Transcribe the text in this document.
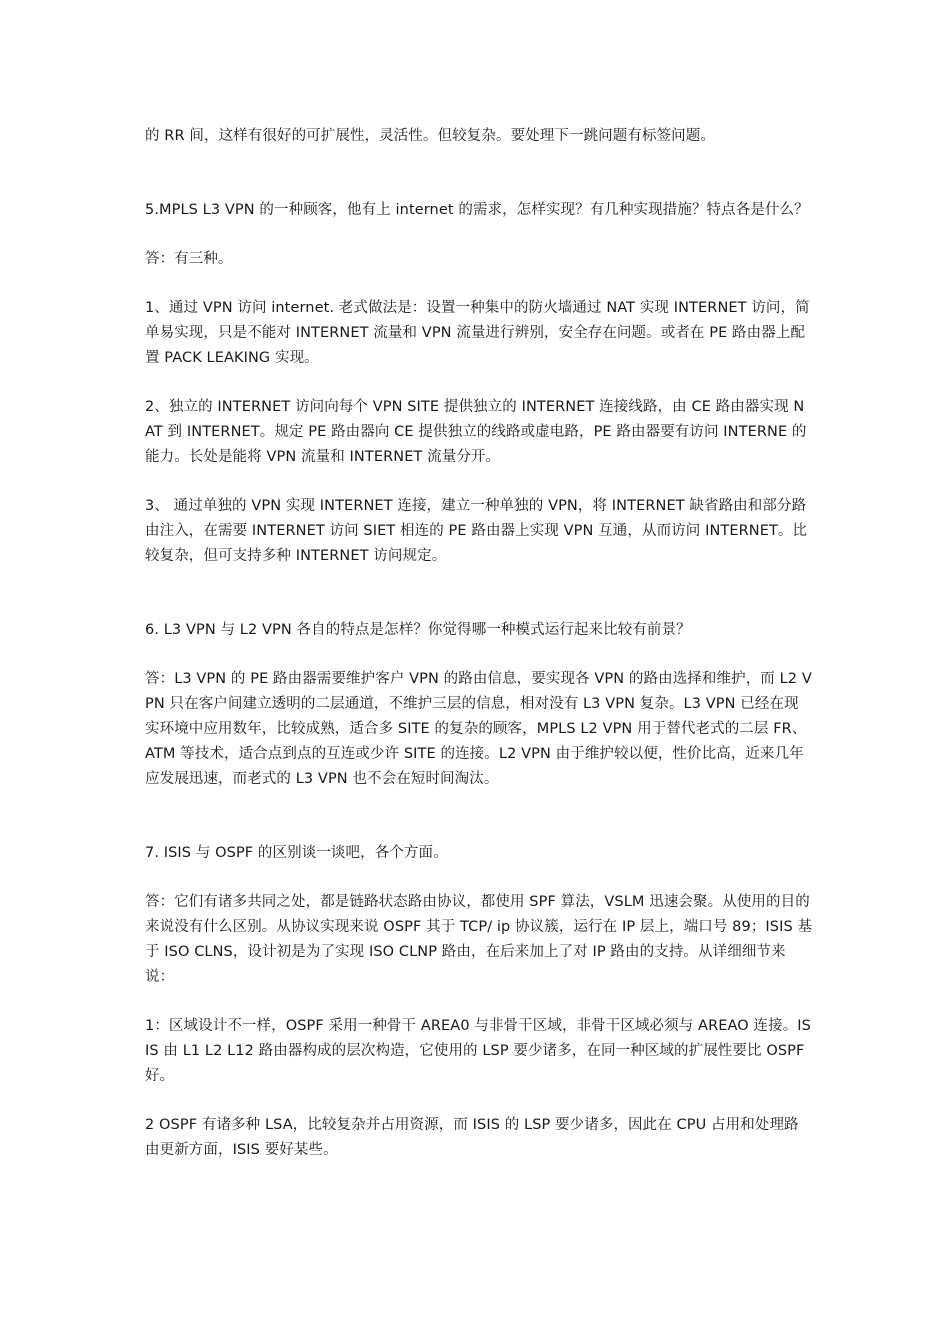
的 RR 间，这样有很好的可扩展性，灵活性。但较复杂。要处理下一跳问题有标签问题。

5.MPLS L3 VPN 的一种顾客，他有上 internet 的需求，怎样实现？有几种实现措施？特点各是什么？

答：有三种。

1、通过 VPN 访问 internet. 老式做法是：设置一种集中的防火墙通过 NAT 实现 INTERNET 访问，简单易实现，只是不能对 INTERNET 流量和 VPN 流量进行辨别，安全存在问题。或者在 PE 路由器上配置 PACK LEAKING 实现。

2、独立的 INTERNET 访问向每个 VPN SITE 提供独立的 INTERNET 连接线路，由 CE 路由器实现 NAT 到 INTERNET。规定 PE 路由器向 CE 提供独立的线路或虚电路，PE 路由器要有访问 INTERNE 的能力。长处是能将 VPN 流量和 INTERNET 流量分开。

3、 通过单独的 VPN 实现 INTERNET 连接，建立一种单独的 VPN，将 INTERNET 缺省路由和部分路由注入，在需要 INTERNET 访问 SIET 相连的 PE 路由器上实现 VPN 互通，从而访问 INTERNET。比较复杂，但可支持多种 INTERNET 访问规定。

6. L3 VPN 与 L2 VPN 各自的特点是怎样？你觉得哪一种模式运行起来比较有前景？

答：L3 VPN 的 PE 路由器需要维护客户 VPN 的路由信息，要实现各 VPN 的路由选择和维护，而 L2 VPN 只在客户间建立透明的二层通道，不维护三层的信息，相对没有 L3 VPN 复杂。L3 VPN 已经在现实环境中应用数年，比较成熟，适合多 SITE 的复杂的顾客，MPLS L2 VPN 用于替代老式的二层 FR、ATM 等技术，适合点到点的互连或少许 SITE 的连接。L2 VPN 由于维护较以便，性价比高，近来几年应发展迅速，而老式的 L3 VPN 也不会在短时间淘汰。

7. ISIS 与 OSPF 的区别谈一谈吧，各个方面。

答：它们有诸多共同之处，都是链路状态路由协议，都使用 SPF 算法，VSLM 迅速会聚。从使用的目的来说没有什么区别。从协议实现来说 OSPF 其于 TCP/ ip 协议簇，运行在 IP 层上，端口号 89；ISIS 基于 ISO CLNS，设计初是为了实现 ISO CLNP 路由，在后来加上了对 IP 路由的支持。从详细细节来说：

1：区域设计不一样，OSPF 采用一种骨干 AREA0 与非骨干区域，非骨干区域必须与 AREAO 连接。ISIS 由 L1 L2 L12 路由器构成的层次构造，它使用的 LSP 要少诸多，在同一种区域的扩展性要比 OSPF 好。

2 OSPF 有诸多种 LSA，比较复杂并占用资源，而 ISIS 的 LSP 要少诸多，因此在 CPU 占用和处理路由更新方面，ISIS 要好某些。
